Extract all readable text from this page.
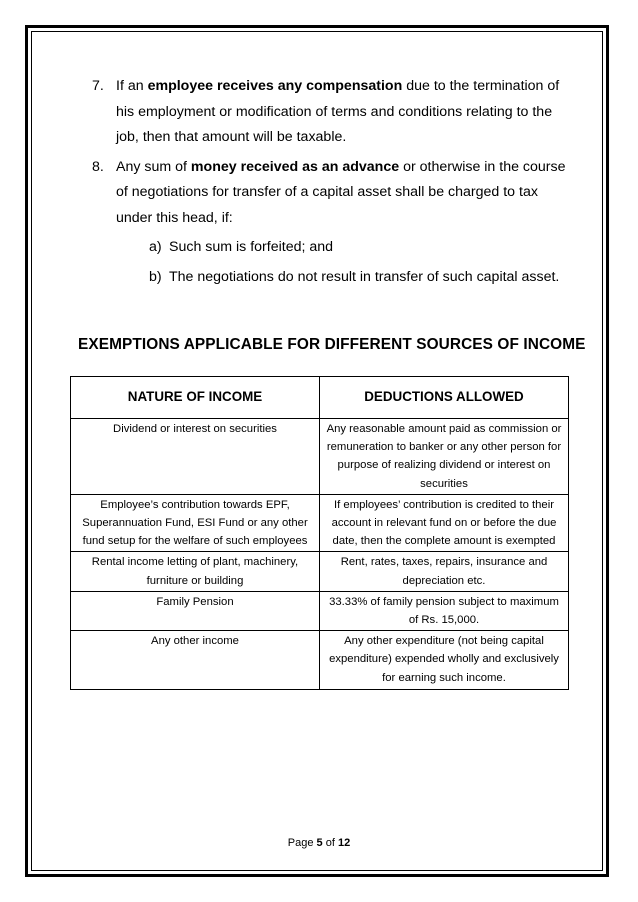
7. If an employee receives any compensation due to the termination of his employment or modification of terms and conditions relating to the job, then that amount will be taxable.
8. Any sum of money received as an advance or otherwise in the course of negotiations for transfer of a capital asset shall be charged to tax under this head, if:
a) Such sum is forfeited; and
b) The negotiations do not result in transfer of such capital asset.
EXEMPTIONS APPLICABLE FOR DIFFERENT SOURCES OF INCOME
NATURE OF INCOME	DEDUCTIONS ALLOWED
Dividend or interest on securities	Any reasonable amount paid as commission or remuneration to banker or any other person for purpose of realizing dividend or interest on securities
Employee’s contribution towards EPF, Superannuation Fund, ESI Fund or any other fund setup for the welfare of such employees	If employees’ contribution is credited to their account in relevant fund on or before the due date, then the complete amount is exempted
Rental income letting of plant, machinery, furniture or building	Rent, rates, taxes, repairs, insurance and depreciation etc.
Family Pension	33.33% of family pension subject to maximum of Rs. 15,000.
Any other income	Any other expenditure (not being capital expenditure) expended wholly and exclusively for earning such income.
Page 5 of 12
